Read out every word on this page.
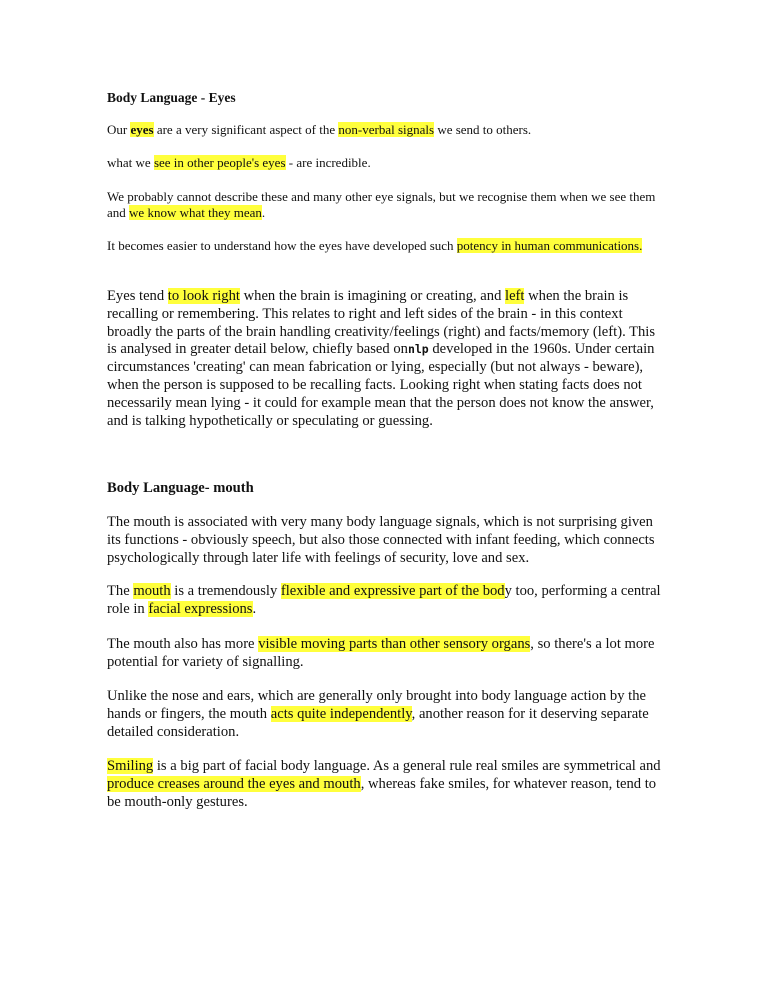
Body Language - Eyes
Our eyes are a very significant aspect of the non-verbal signals we send to others.
what we see in other people's eyes - are incredible.
We probably cannot describe these and many other eye signals, but we recognise them when we see them and we know what they mean.
It becomes easier to understand how the eyes have developed such potency in human communications.
Eyes tend to look right when the brain is imagining or creating, and left when the brain is recalling or remembering. This relates to right and left sides of the brain - in this context broadly the parts of the brain handling creativity/feelings (right) and facts/memory (left). This is analysed in greater detail below, chiefly based onnlp developed in the 1960s. Under certain circumstances 'creating' can mean fabrication or lying, especially (but not always - beware), when the person is supposed to be recalling facts. Looking right when stating facts does not necessarily mean lying - it could for example mean that the person does not know the answer, and is talking hypothetically or speculating or guessing.
Body Language- mouth
The mouth is associated with very many body language signals, which is not surprising given its functions - obviously speech, but also those connected with infant feeding, which connects psychologically through later life with feelings of security, love and sex.
The mouth is a tremendously flexible and expressive part of the body too, performing a central role in facial expressions.
The mouth also has more visible moving parts than other sensory organs, so there's a lot more potential for variety of signalling.
Unlike the nose and ears, which are generally only brought into body language action by the hands or fingers, the mouth acts quite independently, another reason for it deserving separate detailed consideration.
Smiling is a big part of facial body language. As a general rule real smiles are symmetrical and produce creases around the eyes and mouth, whereas fake smiles, for whatever reason, tend to be mouth-only gestures.
